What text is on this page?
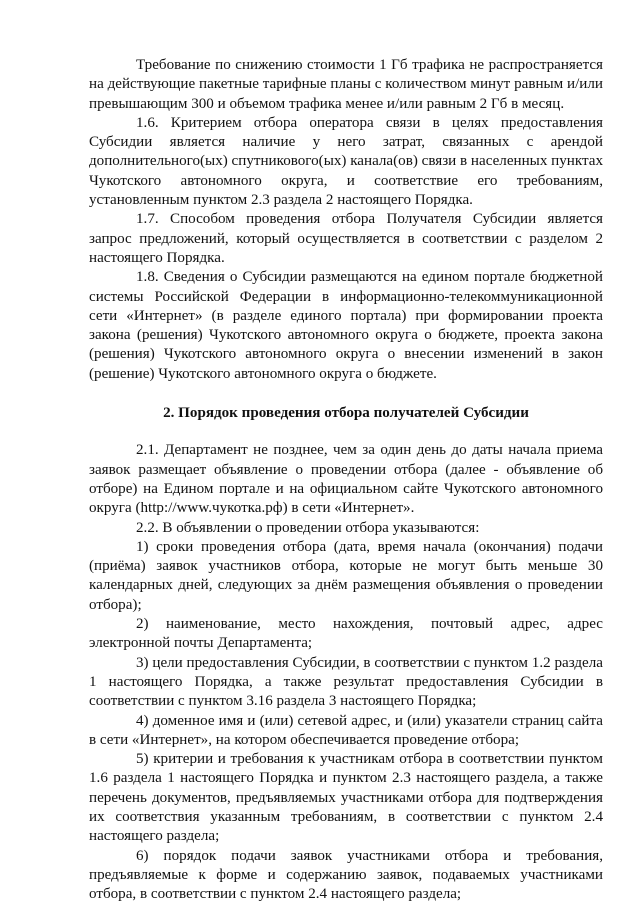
Требование по снижению стоимости 1 Гб трафика не распространяется на действующие пакетные тарифные планы с количеством минут равным и/или превышающим 300 и объемом трафика менее и/или равным 2 Гб в месяц.

1.6. Критерием отбора оператора связи в целях предоставления Субсидии является наличие у него затрат, связанных с арендой дополнительного(ых) спутникового(ых) канала(ов) связи в населенных пунктах Чукотского автономного округа, и соответствие его требованиям, установленным пунктом 2.3 раздела 2 настоящего Порядка.

1.7. Способом проведения отбора Получателя Субсидии является запрос предложений, который осуществляется в соответствии с разделом 2 настоящего Порядка.

1.8. Сведения о Субсидии размещаются на едином портале бюджетной системы Российской Федерации в информационно-телекоммуникационной сети «Интернет» (в разделе единого портала) при формировании проекта закона (решения) Чукотского автономного округа о бюджете, проекта закона (решения) Чукотского автономного округа о внесении изменений в закон (решение) Чукотского автономного округа о бюджете.

2. Порядок проведения отбора получателей Субсидии

2.1. Департамент не позднее, чем за один день до даты начала приема заявок размещает объявление о проведении отбора (далее - объявление об отборе) на Едином портале и на официальном сайте Чукотского автономного округа (http://www.чукотка.рф) в сети «Интернет».

2.2. В объявлении о проведении отбора указываются:

1) сроки проведения отбора (дата, время начала (окончания) подачи (приёма) заявок участников отбора, которые не могут быть меньше 30 календарных дней, следующих за днём размещения объявления о проведении отбора);

2) наименование, место нахождения, почтовый адрес, адрес электронной почты Департамента;

3) цели предоставления Субсидии, в соответствии с пунктом 1.2 раздела 1 настоящего Порядка, а также результат предоставления Субсидии в соответствии с пунктом 3.16 раздела 3 настоящего Порядка;

4) доменное имя и (или) сетевой адрес, и (или) указатели страниц сайта в сети «Интернет», на котором обеспечивается проведение отбора;

5) критерии и требования к участникам отбора в соответствии пунктом 1.6 раздела 1 настоящего Порядка и пунктом 2.3 настоящего раздела, а также перечень документов, предъявляемых участниками отбора для подтверждения их соответствия указанным требованиям, в соответствии с пунктом 2.4 настоящего раздела;

6) порядок подачи заявок участниками отбора и требования, предъявляемые к форме и содержанию заявок, подаваемых участниками отбора, в соответствии с пунктом 2.4 настоящего раздела;
